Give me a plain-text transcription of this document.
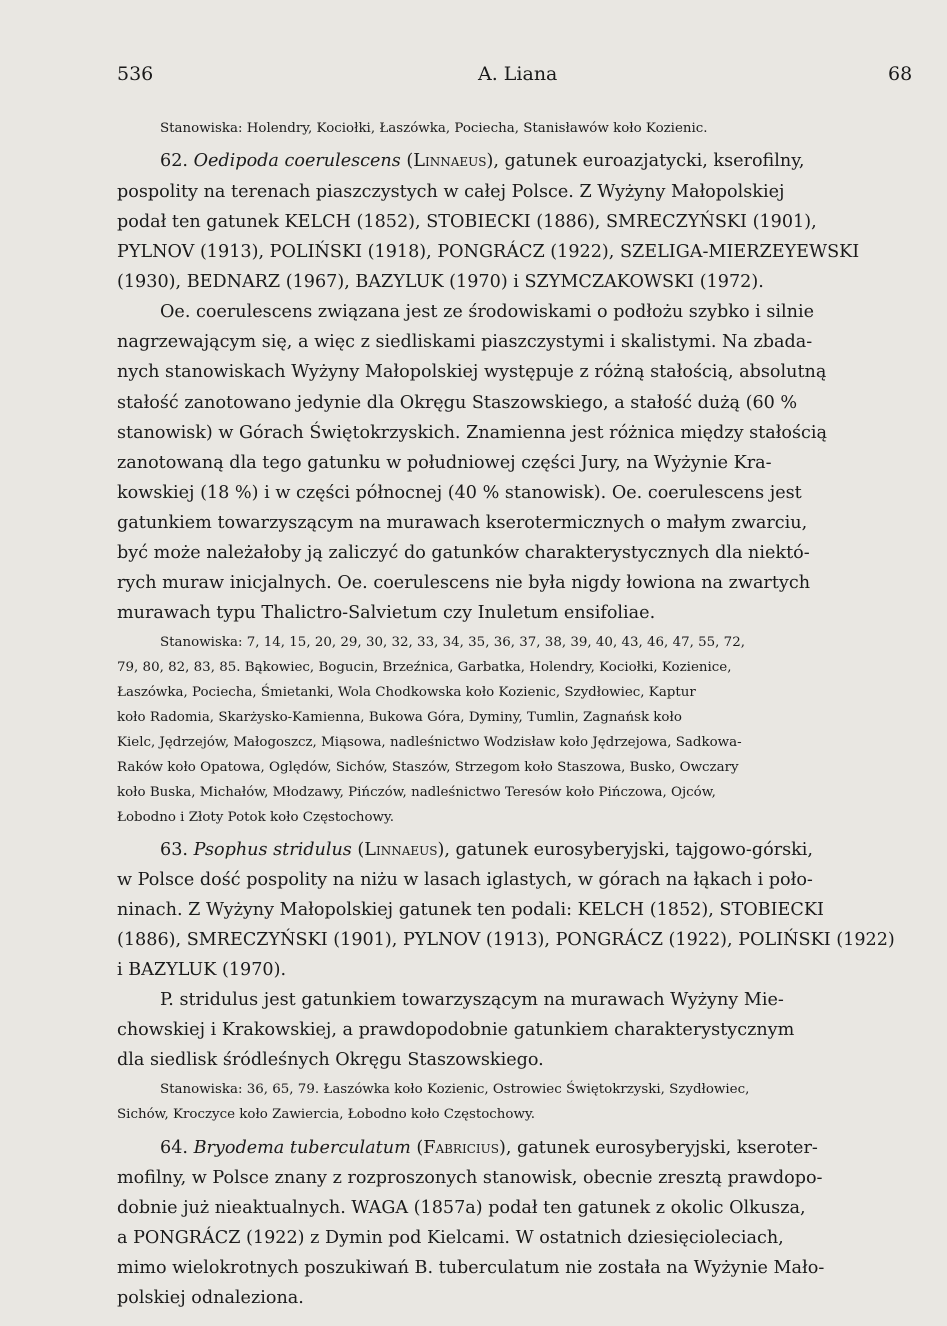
536	A. Liana	68
Stanowiska: Holendry, Kociołki, Łaszówka, Pociecha, Stanisławów koło Kozienic.
62. Oedipoda coerulescens (Linnaeus), gatunek euroazjatycki, kserofilny,
pospolity na terenach piaszczystych w całej Polsce. Z Wyżyny Małopolskiej
podał ten gatunek KELCH (1852), STOBIECKI (1886), SMRECZYŃSKI (1901),
PYLNOV (1913), POLIŃSKI (1918), PONGRÁCZ (1922), SZELIGA-MIERZEYEWSKI
(1930), BEDNARZ (1967), BAZYLUK (1970) i SZYMCZAKOWSKI (1972).
Oe. coerulescens związana jest ze środowiskami o podłożu szybko i silnie
nagrzewającym się, a więc z siedliskami piaszczystymi i skalistymi. Na zbada-
nych stanowiskach Wyżyny Małopolskiej występuje z różną stałością, absolutną
stałość zanotowano jedynie dla Okręgu Staszowskiego, a stałość dużą (60 %
stanowisk) w Górach Świętokrzyskich. Znamienna jest różnica między stałością
zanotowaną dla tego gatunku w południowej części Jury, na Wyżynie Kra-
kowskiej (18 %) i w części północnej (40 % stanowisk). Oe. coerulescens jest
gatunkiem towarzyszącym na murawach kserotermicznych o małym zwarciu,
być może należałoby ją zaliczyć do gatunków charakterystycznych dla niektó-
rych muraw inicjalnych. Oe. coerulescens nie była nigdy łowiona na zwartych
murawach typu Thalictro-Salvietum czy Inuletum ensifoliae.
Stanowiska: 7, 14, 15, 20, 29, 30, 32, 33, 34, 35, 36, 37, 38, 39, 40, 43, 46, 47, 55, 72,
79, 80, 82, 83, 85. Bąkowiec, Bogucin, Brzeźnica, Garbatka, Holendry, Kociołki, Kozienice,
Łaszówka, Pociecha, Śmietanki, Wola Chodkowska koło Kozienic, Szydłowiec, Kaptur
koło Radomia, Skarżysko-Kamienna, Bukowa Góra, Dyminy, Tumlin, Zagnańsk koło
Kielc, Jędrzejów, Małogoszcz, Miąsowa, nadleśnictwo Wodzisław koło Jędrzejowa, Sadkowa-
Raków koło Opatowa, Oględów, Sichów, Staszów, Strzegom koło Staszowa, Busko, Owczary
koło Buska, Michałów, Młodzawy, Pińczów, nadleśnictwo Teresów koło Pińczowa, Ojców,
Łobodno i Złoty Potok koło Częstochowy.
63. Psophus stridulus (Linnaeus), gatunek eurosyberyjski, tajgowo-górski,
w Polsce dość pospolity na niżu w lasach iglastych, w górach na łąkach i poło-
ninach. Z Wyżyny Małopolskiej gatunek ten podali: KELCH (1852), STOBIECKI
(1886), SMRECZYŃSKI (1901), PYLNOV (1913), PONGRÁCZ (1922), POLIŃSKI (1922)
i BAZYLUK (1970).
P. stridulus jest gatunkiem towarzyszącym na murawach Wyżyny Mie-
chowskiej i Krakowskiej, a prawdopodobnie gatunkiem charakterystycznym
dla siedlisk śródleśnych Okręgu Staszowskiego.
Stanowiska: 36, 65, 79. Łaszówka koło Kozienic, Ostrowiec Świętokrzyski, Szydłowiec,
Sichów, Kroczyce koło Zawiercia, Łobodno koło Częstochowy.
64. Bryodema tuberculatum (Fabricius), gatunek eurosyberyjski, kseroter-
mofilny, w Polsce znany z rozproszonych stanowisk, obecnie zresztą prawdopo-
dobnie już nieaktualnych. WAGA (1857a) podał ten gatunek z okolic Olkusza,
a PONGRÁCZ (1922) z Dymin pod Kielcami. W ostatnich dziesięcioleciach,
mimo wielokrotnych poszukiwań B. tuberculatum nie została na Wyżynie Mało-
polskiej odnaleziona.
